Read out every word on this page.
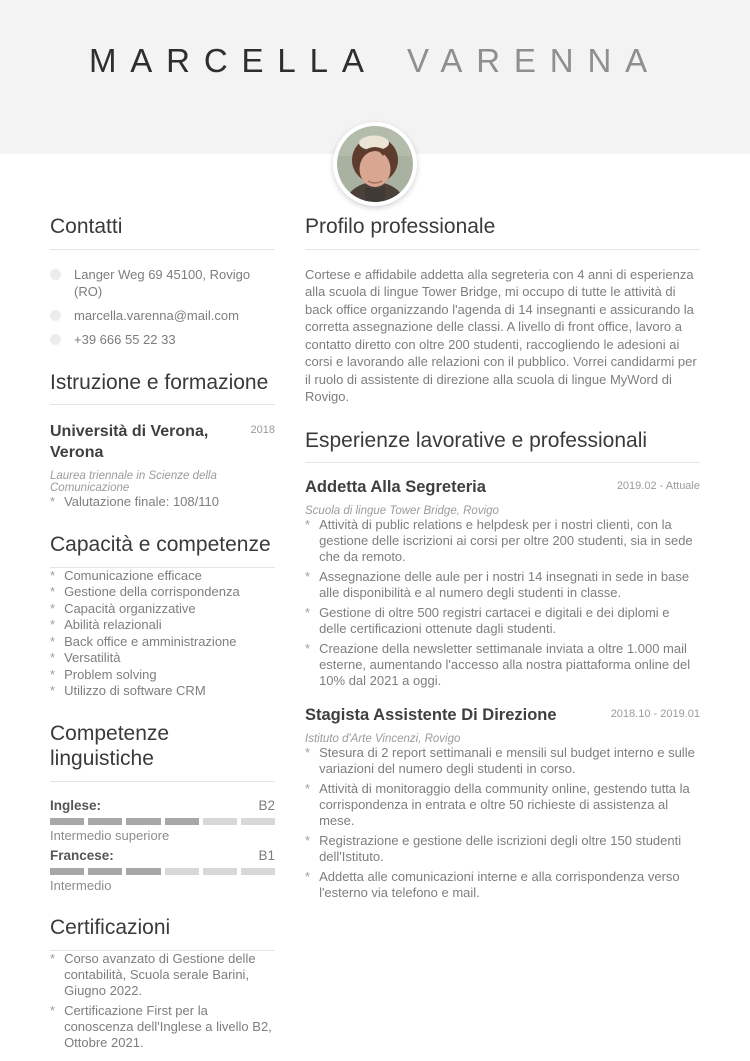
MARCELLA VARENNA
Contatti
Langer Weg 69 45100, Rovigo (RO)
marcella.varenna@mail.com
+39 666 55 22 33
Istruzione e formazione
Università di Verona, Verona
2018
Laurea triennale in Scienze della Comunicazione
*
Valutazione finale: 108/110
Capacità e competenze
*
Comunicazione efficace
*
Gestione della corrispondenza
*
Capacità organizzative
*
Abilità relazionali
*
Back office e amministrazione
*
Versatilità
*
Problem solving
*
Utilizzo di software CRM
Competenze linguistiche
Inglese:	B2
Intermedio superiore
Francese:	B1
Intermedio
Certificazioni
*
Corso avanzato di Gestione delle contabilità, Scuola serale Barini, Giugno 2022.
*
Certificazione First per la conoscenza dell'Inglese a livello B2, Ottobre 2021.
Profilo professionale

Cortese e affidabile addetta alla segreteria con 4 anni di esperienza alla scuola di lingue Tower Bridge, mi occupo di tutte le attività di back office organizzando l'agenda di 14 insegnanti e assicurando la corretta assegnazione delle classi. A livello di front office, lavoro a contatto diretto con oltre 200 studenti, raccogliendo le adesioni ai corsi e lavorando alle relazioni con il pubblico. Vorrei candidarmi per il ruolo di assistente di direzione alla scuola di lingue MyWord di Rovigo.

Esperienze lavorative e professionali
Addetta Alla Segreteria	2019.02 - Attuale
Scuola di lingue Tower Bridge, Rovigo
*
Attività di public relations e helpdesk per i nostri clienti, con la gestione delle iscrizioni ai corsi per oltre 200 studenti, sia in sede che da remoto.
*
Assegnazione delle aule per i nostri 14 insegnati in sede in base alle disponibilità e al numero degli studenti in classe.
*
Gestione di oltre 500 registri cartacei e digitali e dei diplomi e delle certificazioni ottenute dagli studenti.
*
Creazione della newsletter settimanale inviata a oltre 1.000 mail esterne, aumentando l'accesso alla nostra piattaforma online del 10% dal 2021 a oggi.
Stagista Assistente Di Direzione	2018.10 - 2019.01
Istituto d'Arte Vincenzi, Rovigo
*
Stesura di 2 report settimanali e mensili sul budget interno e sulle variazioni del numero degli studenti in corso.
*
Attività di monitoraggio della community online, gestendo tutta la corrispondenza in entrata e oltre 50 richieste di assistenza al mese.
*
Registrazione e gestione delle iscrizioni degli oltre 150 studenti dell'Istituto.
*
Addetta alle comunicazioni interne e alla corrispondenza verso l'esterno via telefono e mail.
